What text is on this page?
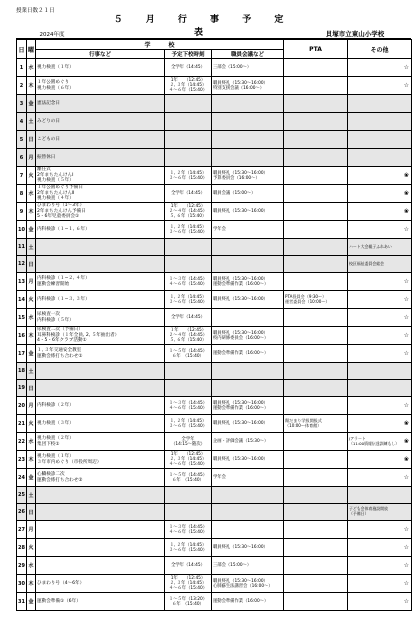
授業日数２１日
2024年度
５ 月 行 事 予 定 表	貝塚市立東山小学校
日	曜	学　　　校			PTA	その他
		行事など	予定下校時刻	職員会議など		
1	水	視力検査（１年）	全学年（14:45）	三部会（15:00〜）		☆

2	木	１年公園めぐり
視力検査（６年）	1年　　（12:45）
２, ３年（14:45）
４〜６年（15:40）	職員終礼（15:30〜16:00）
特別支援会議（16:00〜）		☆

3	金	憲法記念日				

4	土	みどりの日				

5	日	こどもの日				

6	月	振替休日				

7	火	離任式
2年まちたんけんⅠ
視力検査（５年）	１, ２年（14:45）
３〜６年（15:40）	職員終礼（15:30〜16:00）
予算委員会（16:00〜）		❀

8	水	１年公園めぐり予備日
2年まちたんけんⅡ
視力検査（４年）	全学年（14:45）	職員会議（15:00〜）		❀

9	木	ひまわり号（1〜3年）
2年まちたんけん予備日
5・6年児童委員会①	1年　　（12:45）
２〜４年（14:45）
５, ６年（15:40）	職員終礼（15:30〜16:00）		❀

10	金	内科検診（１−１, ６年）	１, ２年（14:45）
３〜６年（15:40）	学年会		☆

11	土					ハート大会親子ふれあい

12	日					校区福祉委員会総会

13	月	内科検診（１−２, ４年）
運動会練習開始	１〜３年（14:45）
４〜６年（15:40）	職員終礼（15:30〜16:00）
運動会準備作業（16:00〜）		☆

14	火	内科検診（１−３, ３年）	１, ２年（14:45）
３〜６年（15:40）	職員終礼（15:30〜16:00）	PTA役員会（9:30〜）
運営委員会（10:00〜）	☆

15	水	尿検査一次
内科検診（５年）	全学年（14:45）			☆

16	木	尿検査二次（予備日）
耳鼻科検診（１年全員, 2, ５年抽出者）
4・5・6年クラブ活動①	１年　　（12:45）
２〜４年（14:45）
５, ６年（15:40）	職員終礼（15:30〜16:00）
校内研修委員会（16:00〜）		☆

17	金	１, ３年交通安全教室
運動会係打ち合わせ①	１〜５年（14:45）
６年　（15:40）	運動会準備作業（16:00〜）		☆

18	土					

19	日					

20	月	内科検診（２年）	１〜３年（14:45）
４〜６年（15:40）	職員終礼（15:30〜16:00）
運動会準備作業（16:00〜）		☆

21	火	視力検査（３年）	１, ２年（14:45）
３〜６年（15:40）	職員終礼（15:30〜16:00）	陽だまり学級開級式
（10:00〜体育館）	❀

22	水	視力検査（２年）
集団下校①	全学年
（14:15〜随次）	企画・評価会議（15:30〜）		Jアラート
（11:00情報伝達訓練もし） ❀

23	木	視力検査（１年）
３年市内めぐり（市役所周辺）	1年　　（12:45）
２, ３年（14:45）
４〜６年（15:40）	職員終礼（15:30〜16:00）		❀

24	金	心臓検診二次
運動会係打ち合わせ②	１〜５年（14:45）
６年　（15:40）	学年会		☆

25	土					

26	日					子ども会体育施設開放
（予備日）

27	月		１〜３年（14:45）
４〜６年（15:40）			☆

28	火		１, ２年（14:45）
３〜６年（15:40）	職員終礼（15:30〜16:00）		☆

29	水		全学年（14:45）	三部会（15:00〜）		☆

30	木	ひまわり号（4〜6年）	1年　　（12:45）
２, ３年（14:45）
４〜６年（15:40）	職員終礼（15:30〜16:00）
心肺蘇生法講習会（16:00〜）		☆

31	金	運動会準備①（6年）	１〜５年（13:20）
６年　（15:40）	運動会準備作業（16:00〜）		☆
